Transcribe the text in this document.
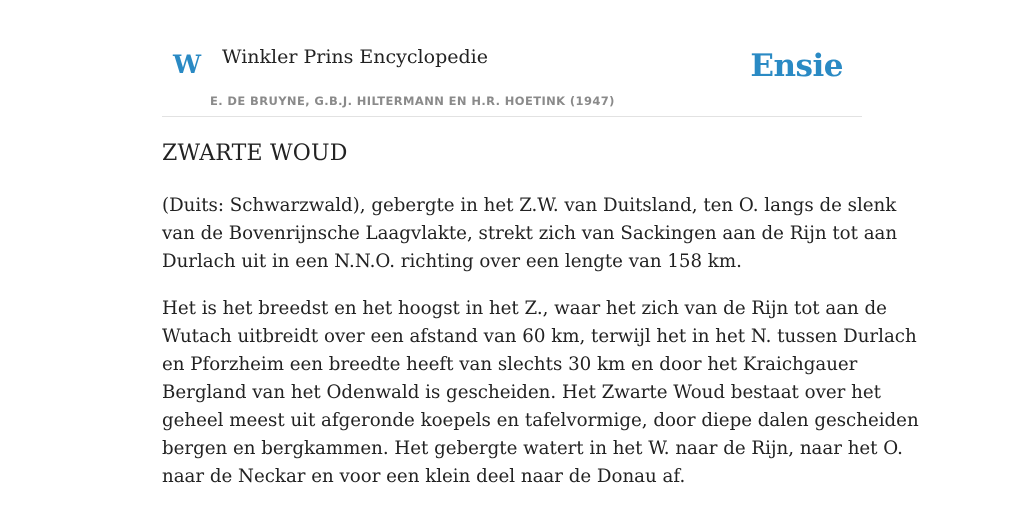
W Winkler Prins Encyclopedie
E. DE BRUYNE, G.B.J. HILTERMANN EN H.R. HOETINK (1947)
Ensie
ZWARTE WOUD
(Duits: Schwarzwald), gebergte in het Z.W. van Duitsland, ten O. langs de slenk
van de Bovenrijnsche Laagvlakte, strekt zich van Sackingen aan de Rijn tot aan
Durlach uit in een N.N.O. richting over een lengte van 158 km.
Het is het breedst en het hoogst in het Z., waar het zich van de Rijn tot aan de
Wutach uitbreidt over een afstand van 60 km, terwijl het in het N. tussen Durlach
en Pforzheim een breedte heeft van slechts 30 km en door het Kraichgauer
Bergland van het Odenwald is gescheiden. Het Zwarte Woud bestaat over het
geheel meest uit afgeronde koepels en tafelvormige, door diepe dalen gescheiden
bergen en bergkammen. Het gebergte watert in het W. naar de Rijn, naar het O.
naar de Neckar en voor een klein deel naar de Donau af.
